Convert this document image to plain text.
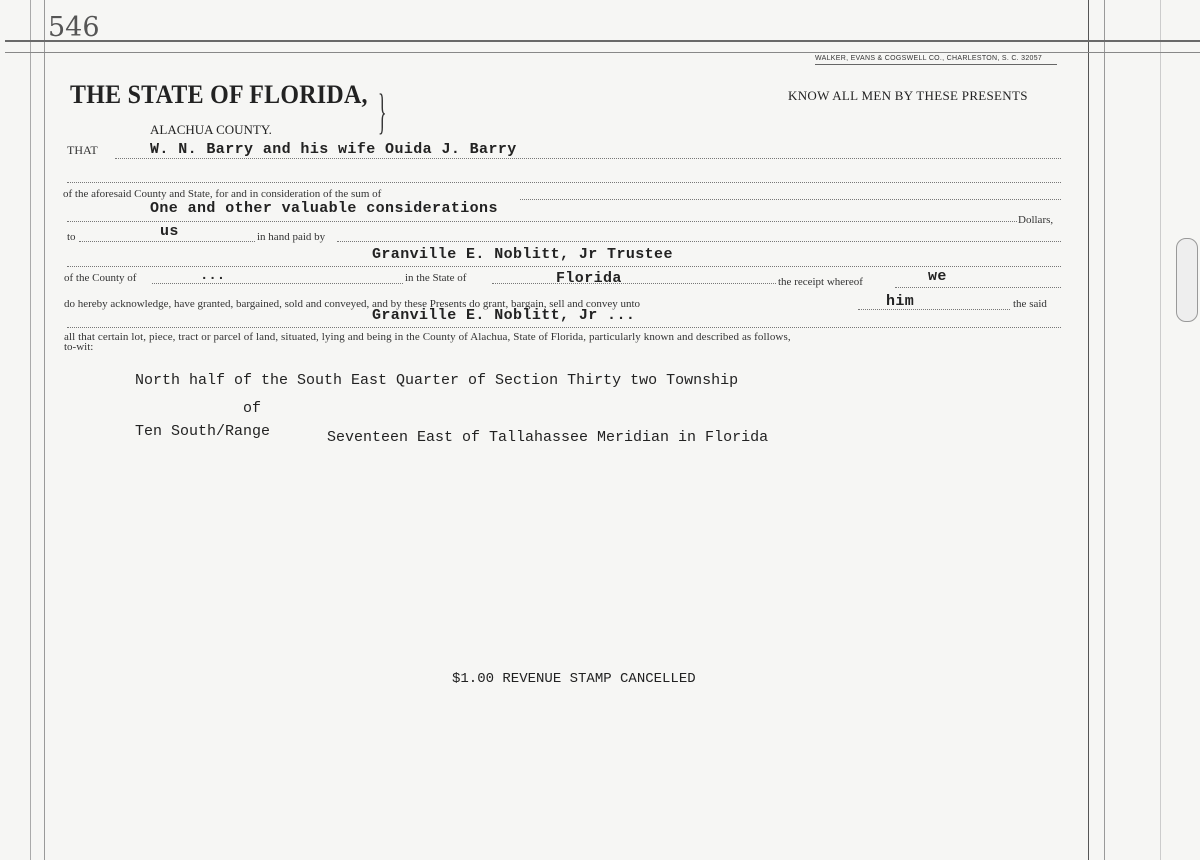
546
WALKER, EVANS & COGSWELL CO., CHARLESTON, S. C. 32057
THE STATE OF FLORIDA, }
ALACHUA COUNTY.
KNOW ALL MEN BY THESE PRESENTS
THAT	W. N. Barry and his wife Ouida J. Barry
of the aforesaid County and State, for and in consideration of the sum of
One and other valuable considerations
Dollars,
to	us	in hand paid by
Granville E. Noblitt, Jr Trustee
of the County of	...	in the State of	Florida	the receipt whereof	we
do hereby acknowledge, have granted, bargained, sold and conveyed, and by these Presents do grant, bargain, sell and convey unto	him	the said
Granville E. Noblitt, Jr ...
all that certain lot, piece, tract or parcel of land, situated, lying and being in the County of Alachua, State of Florida, particularly known and described as follows,
to-wit:
North half of the South East Quarter of Section Thirty two Township
of
Ten South/Range	Seventeen East of Tallahassee Meridian in Florida
$1.00 REVENUE STAMP CANCELLED
